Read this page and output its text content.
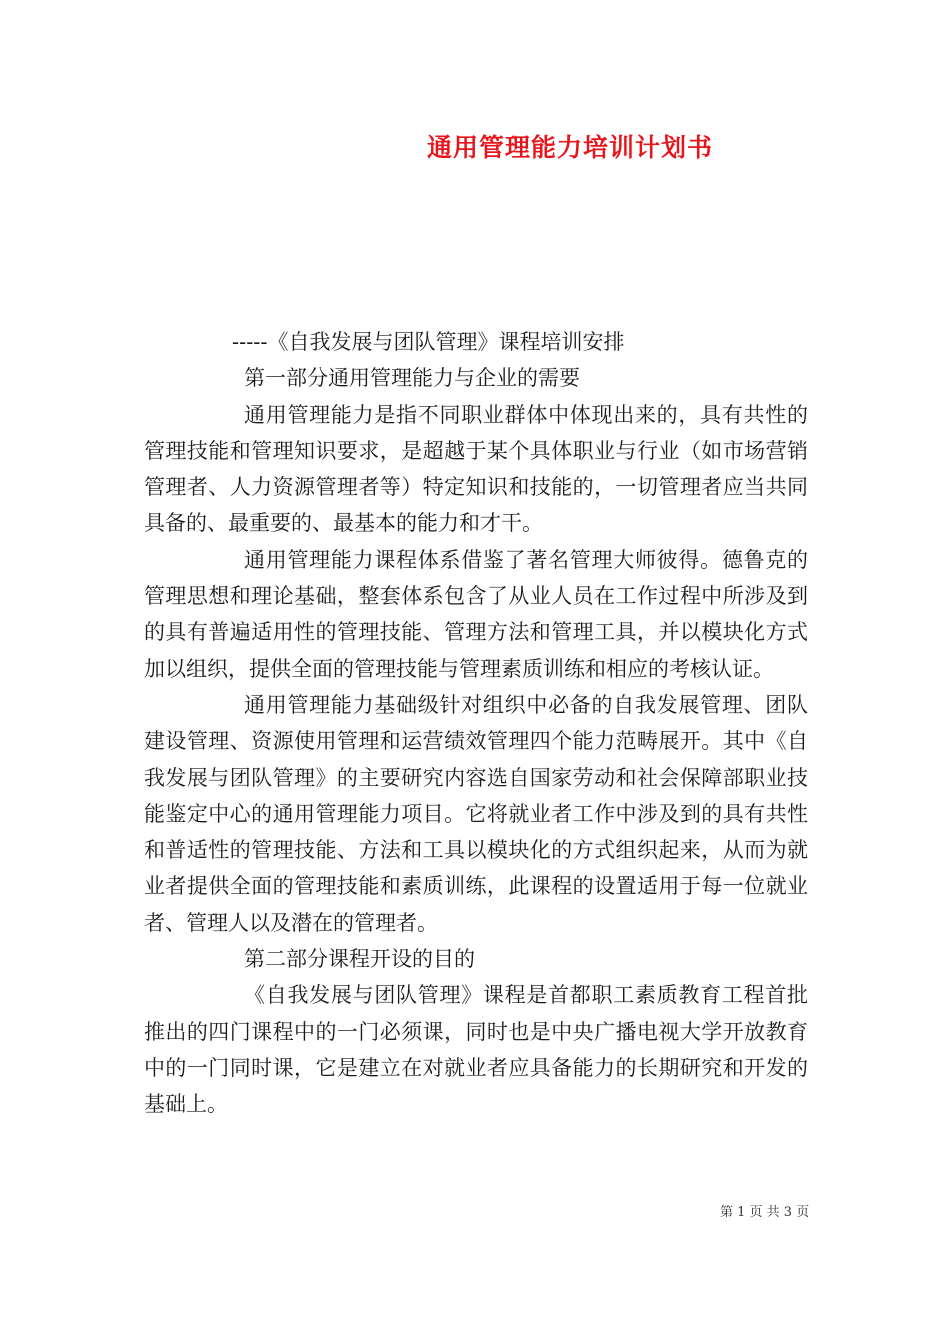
通用管理能力培训计划书

-----《自我发展与团队管理》课程培训安排

第一部分通用管理能力与企业的需要

通用管理能力是指不同职业群体中体现出来的，具有共性的管理技能和管理知识要求，是超越于某个具体职业与行业（如市场营销管理者、人力资源管理者等）特定知识和技能的，一切管理者应当共同具备的、最重要的、最基本的能力和才干。

通用管理能力课程体系借鉴了著名管理大师彼得。德鲁克的管理思想和理论基础，整套体系包含了从业人员在工作过程中所涉及到的具有普遍适用性的管理技能、管理方法和管理工具，并以模块化方式加以组织，提供全面的管理技能与管理素质训练和相应的考核认证。

通用管理能力基础级针对组织中必备的自我发展管理、团队建设管理、资源使用管理和运营绩效管理四个能力范畴展开。其中《自我发展与团队管理》的主要研究内容选自国家劳动和社会保障部职业技能鉴定中心的通用管理能力项目。它将就业者工作中涉及到的具有共性和普适性的管理技能、方法和工具以模块化的方式组织起来，从而为就业者提供全面的管理技能和素质训练，此课程的设置适用于每一位就业者、管理人以及潜在的管理者。

第二部分课程开设的目的

《自我发展与团队管理》课程是首都职工素质教育工程首批推出的四门课程中的一门必须课，同时也是中央广播电视大学开放教育中的一门同时课，它是建立在对就业者应具备能力的长期研究和开发的基础上。

第 1 页 共 3 页
